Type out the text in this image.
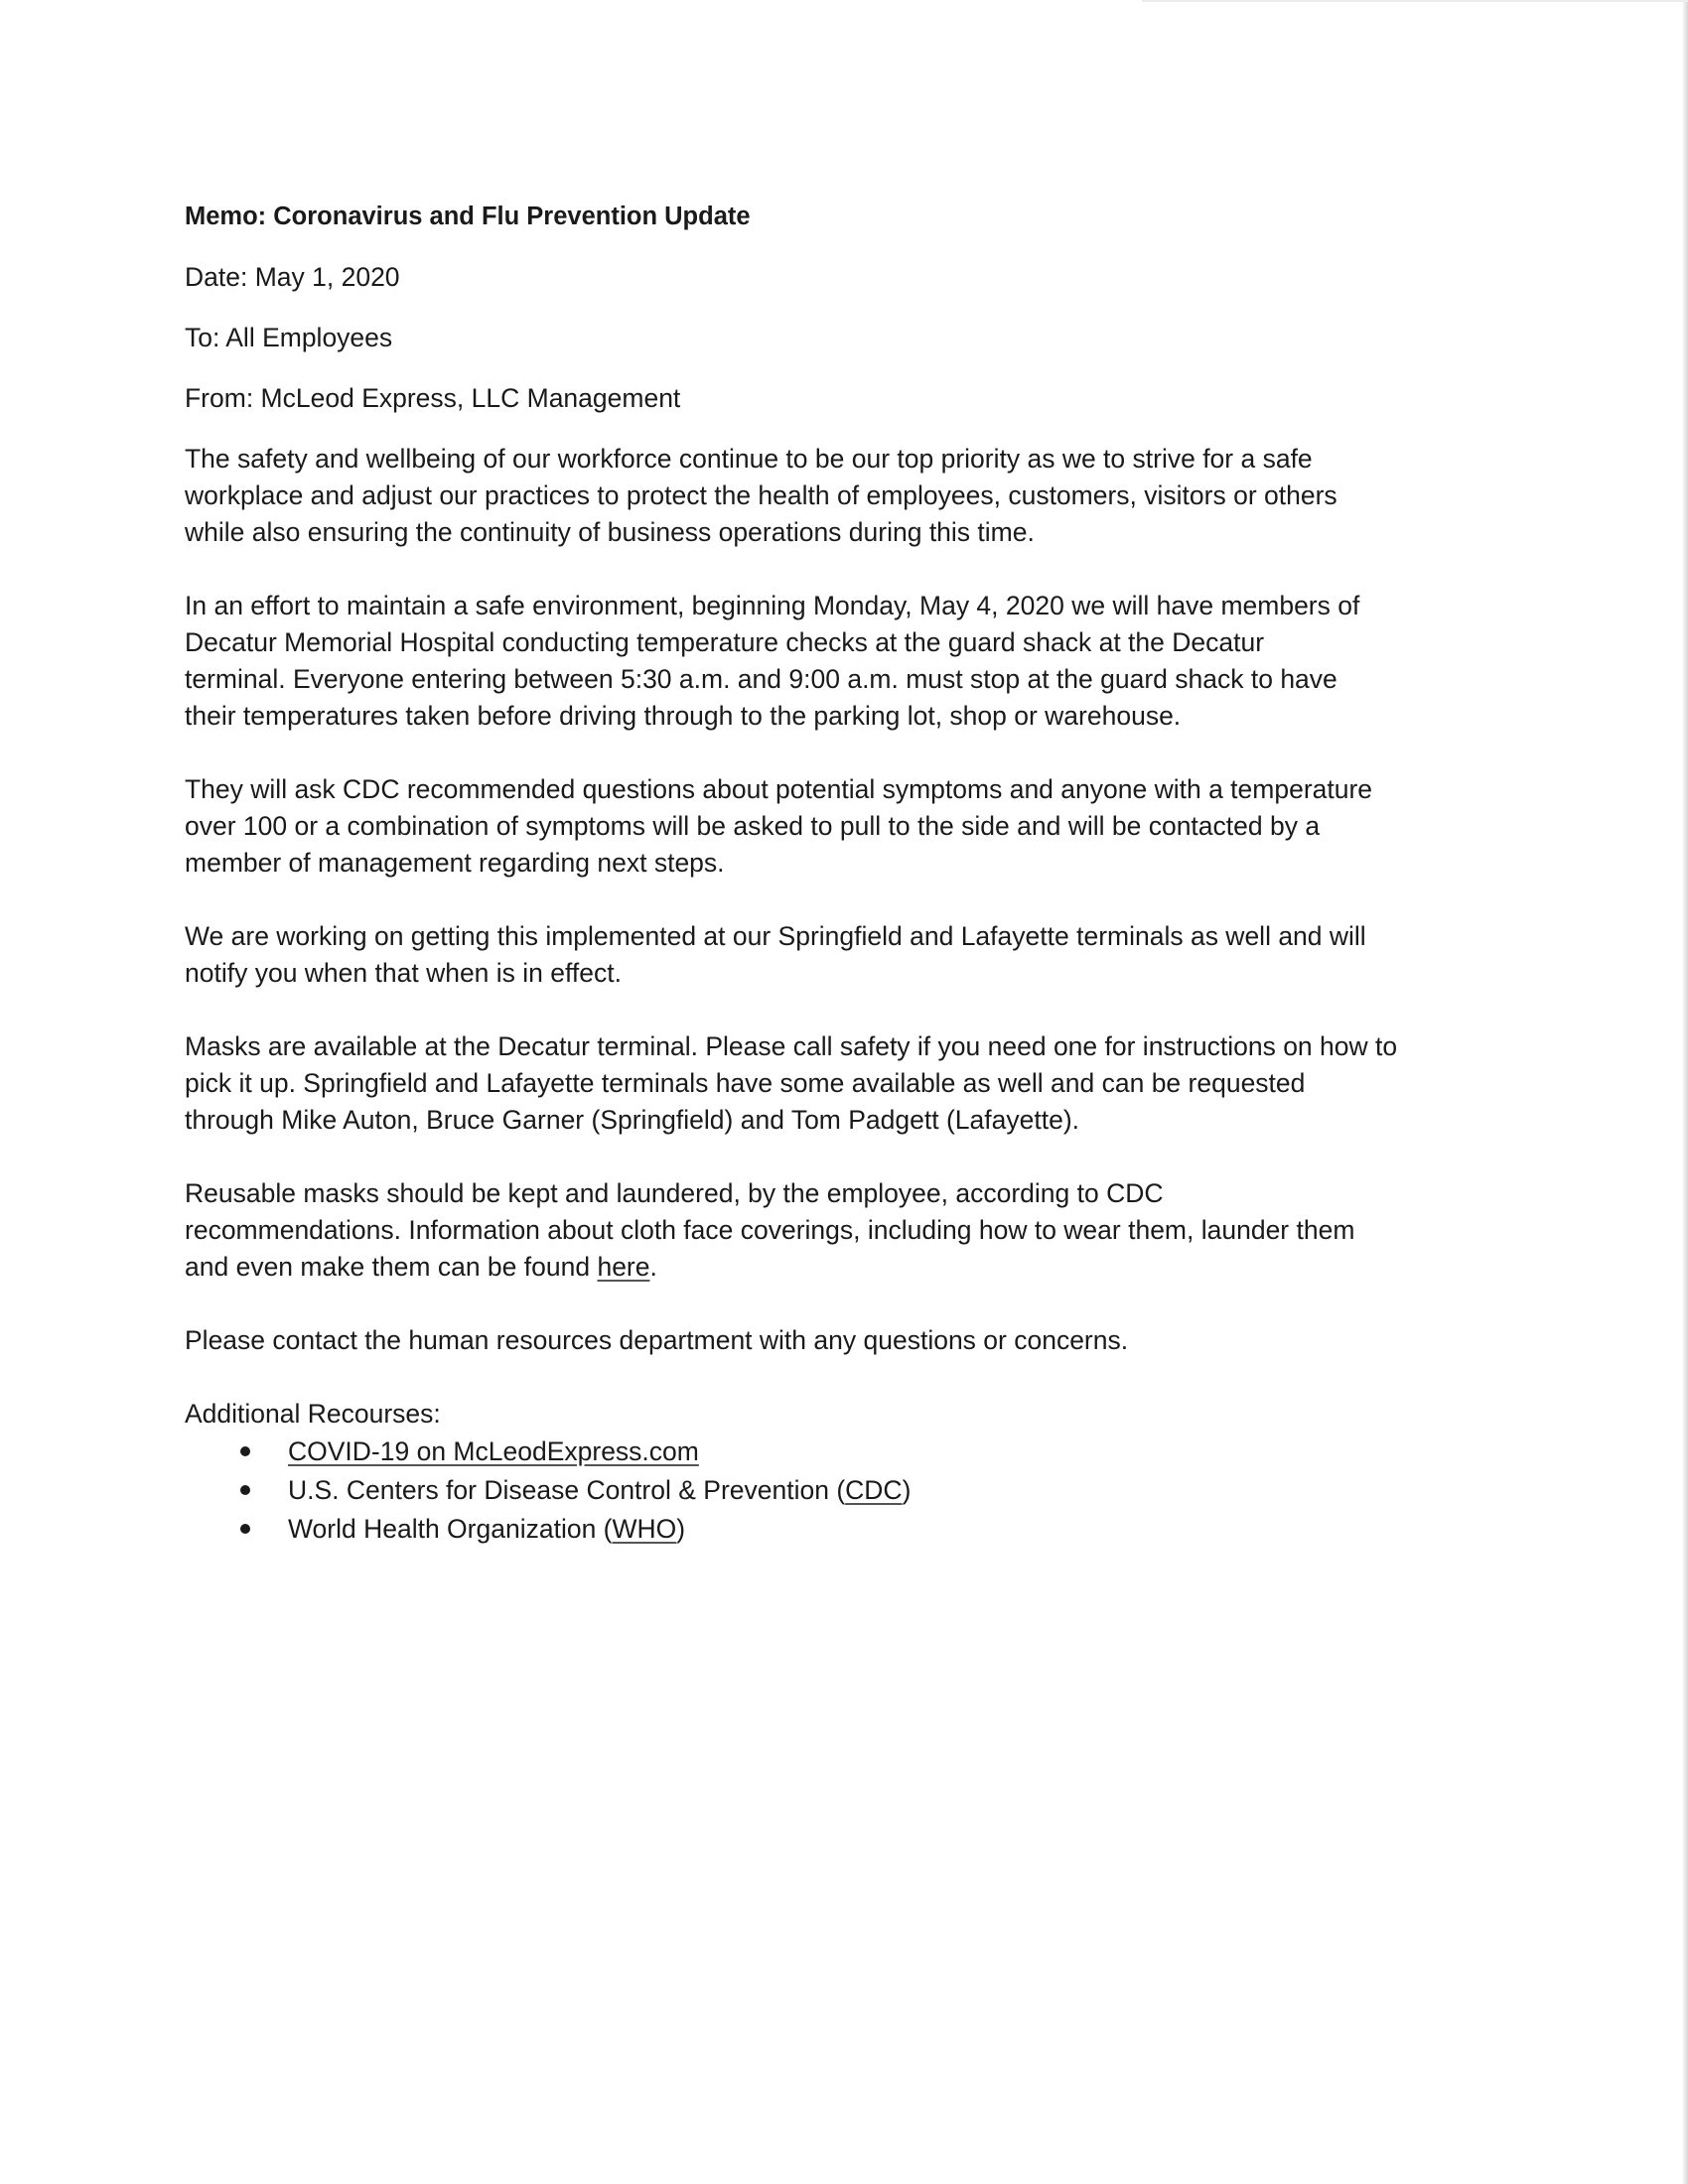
Memo: Coronavirus and Flu Prevention Update

Date: May 1, 2020

To: All Employees

From: McLeod Express, LLC Management

The safety and wellbeing of our workforce continue to be our top priority as we to strive for a safe
workplace and adjust our practices to protect the health of employees, customers, visitors or others
while also ensuring the continuity of business operations during this time.

In an effort to maintain a safe environment, beginning Monday, May 4, 2020 we will have members of
Decatur Memorial Hospital conducting temperature checks at the guard shack at the Decatur
terminal. Everyone entering between 5:30 a.m. and 9:00 a.m. must stop at the guard shack to have
their temperatures taken before driving through to the parking lot, shop or warehouse.

They will ask CDC recommended questions about potential symptoms and anyone with a temperature
over 100 or a combination of symptoms will be asked to pull to the side and will be contacted by a
member of management regarding next steps.

We are working on getting this implemented at our Springfield and Lafayette terminals as well and will
notify you when that when is in effect.

Masks are available at the Decatur terminal. Please call safety if you need one for instructions on how to
pick it up. Springfield and Lafayette terminals have some available as well and can be requested
through Mike Auton, Bruce Garner (Springfield) and Tom Padgett (Lafayette).

Reusable masks should be kept and laundered, by the employee, according to CDC
recommendations. Information about cloth face coverings, including how to wear them, launder them
and even make them can be found here.

Please contact the human resources department with any questions or concerns.

Additional Recourses:

COVID-19 on McLeodExpress.com
U.S. Centers for Disease Control & Prevention (CDC)
World Health Organization (WHO)
